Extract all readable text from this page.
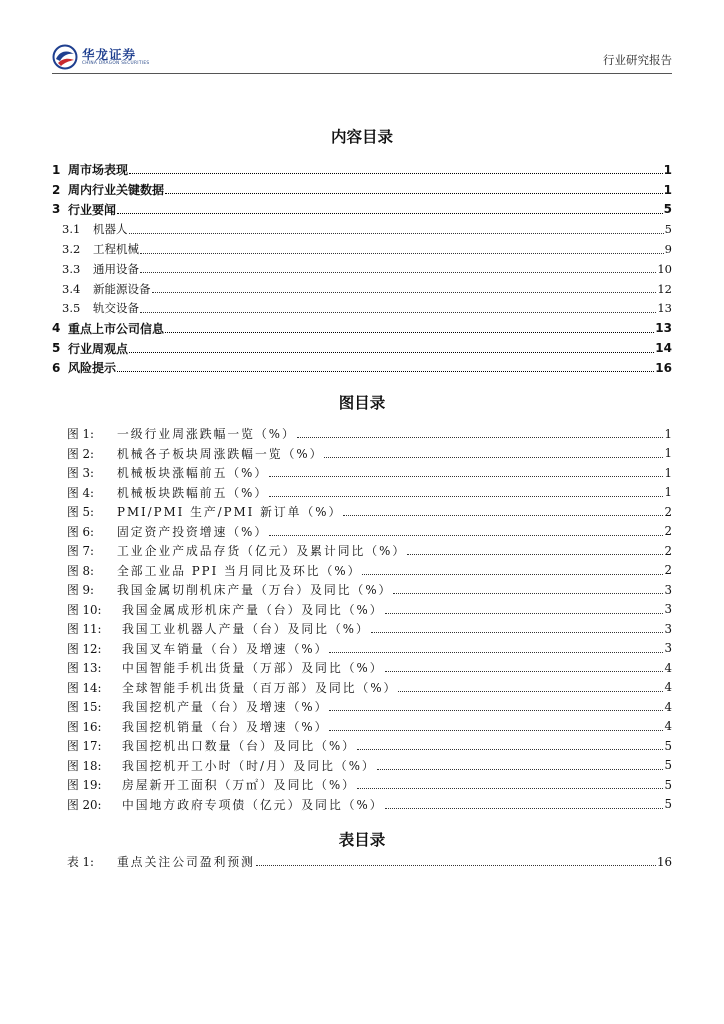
华龙证券
CHINA DRAGON SECURITIES	行业研究报告
内容目录
1 周市场表现	1
2 周内行业关键数据	1
3 行业要闻	5
3.1	机器人	5
3.2	工程机械	9
3.3	通用设备	10
3.4	新能源设备	12
3.5	轨交设备	13
4 重点上市公司信息	13
5 行业周观点	14
6 风险提示	16
图目录
图 1:	一级行业周涨跌幅一览（%）	1
图 2:	机械各子板块周涨跌幅一览（%）	1
图 3:	机械板块涨幅前五（%）	1
图 4:	机械板块跌幅前五（%）	1
图 5:	PMI/PMI 生产/PMI 新订单（%）	2
图 6:	固定资产投资增速（%）	2
图 7:	工业企业产成品存货（亿元）及累计同比（%）	2
图 8:	全部工业品 PPI 当月同比及环比（%）	2
图 9:	我国金属切削机床产量（万台）及同比（%）	3
图 10:	我国金属成形机床产量（台）及同比（%）	3
图 11:	我国工业机器人产量（台）及同比（%）	3
图 12:	我国叉车销量（台）及增速（%）	3
图 13:	中国智能手机出货量（万部）及同比（%）	4
图 14:	全球智能手机出货量（百万部）及同比（%）	4
图 15:	我国挖机产量（台）及增速（%）	4
图 16:	我国挖机销量（台）及增速（%）	4
图 17:	我国挖机出口数量（台）及同比（%）	5
图 18:	我国挖机开工小时（时/月）及同比（%）	5
图 19:	房屋新开工面积（万㎡）及同比（%）	5
图 20:	中国地方政府专项债（亿元）及同比（%）	5
表目录
表 1:	重点关注公司盈利预测	16
